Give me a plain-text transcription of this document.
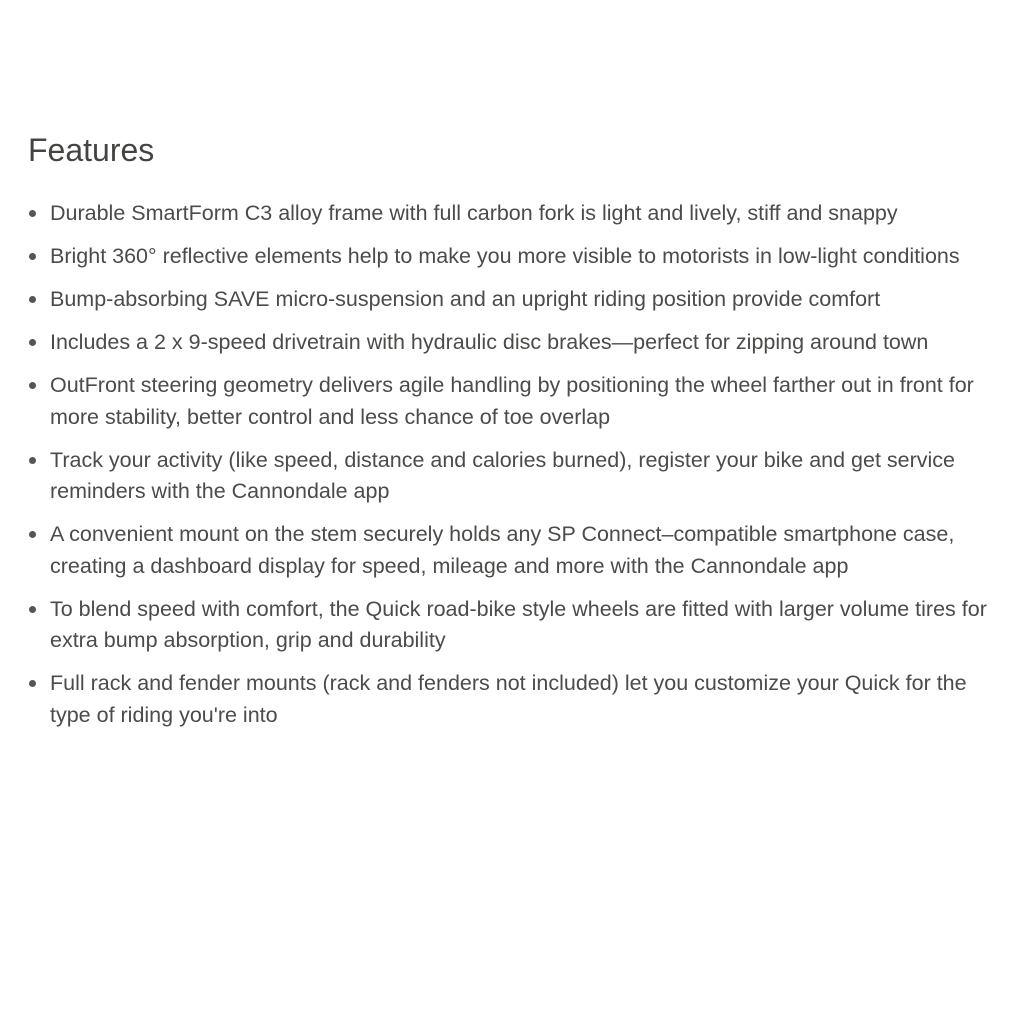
Features
Durable SmartForm C3 alloy frame with full carbon fork is light and lively, stiff and snappy
Bright 360° reflective elements help to make you more visible to motorists in low-light conditions
Bump-absorbing SAVE micro-suspension and an upright riding position provide comfort
Includes a 2 x 9-speed drivetrain with hydraulic disc brakes—perfect for zipping around town
OutFront steering geometry delivers agile handling by positioning the wheel farther out in front for more stability, better control and less chance of toe overlap
Track your activity (like speed, distance and calories burned), register your bike and get service reminders with the Cannondale app
A convenient mount on the stem securely holds any SP Connect–compatible smartphone case, creating a dashboard display for speed, mileage and more with the Cannondale app
To blend speed with comfort, the Quick road-bike style wheels are fitted with larger volume tires for extra bump absorption, grip and durability
Full rack and fender mounts (rack and fenders not included) let you customize your Quick for the type of riding you're into
